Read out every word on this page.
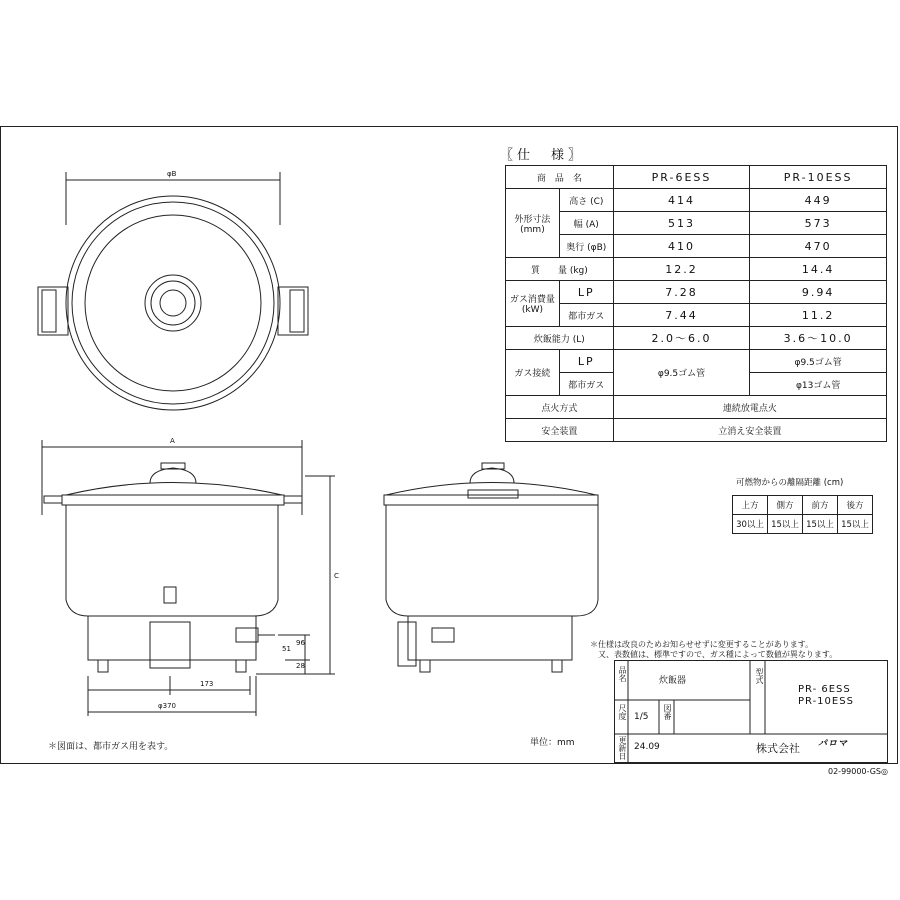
φB
A
C
96
51
28
173
φ370
〖仕　様〗
商　品　名		PR-6ESS	PR-10ESS
外形寸法
(mm)	高さ (C)	414	449
	幅 (A)	513	573
	奥行 (φB)	410	470
質　　量 (kg)		12.2	14.4
ガス消費量
(kW)	LP	7.28	9.94
	都市ガス	7.44	11.2
炊飯能力 (L)		2.0〜6.0	3.6〜10.0
ガス接続	LP	φ9.5ゴム管	φ9.5ゴム管
	都市ガス		φ13ゴム管
点火方式		連続放電点火	
安全装置		立消え安全装置	
可燃物からの離隔距離 (cm)
上方	側方	前方	後方
30以上	15以上	15以上	15以上
＊仕様は改良のためお知らせせずに変更することがあります。
　又、表数値は、標準ですので、ガス種によって数値が異なります。
品名	炊飯器	型式
PR- 6ESS
PR-10ESS
尺度 1/5 図番
更新日 24.09	株式会社 パロマ
単位：mm
＊図面は、都市ガス用を表す。
02-99000-GS◎
